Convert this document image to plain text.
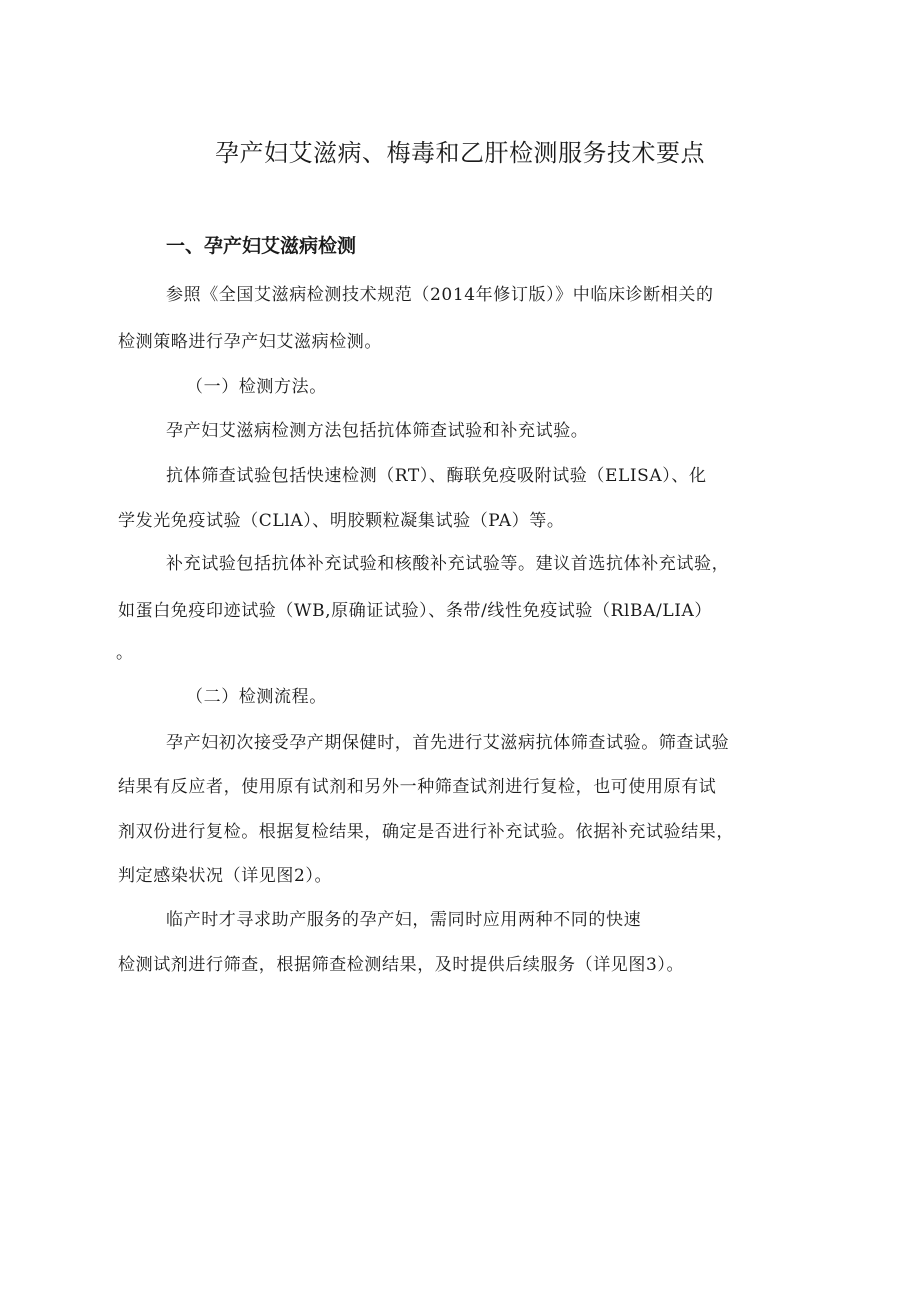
孕产妇艾滋病、梅毒和乙肝检测服务技术要点
一、孕产妇艾滋病检测

参照《全国艾滋病检测技术规范（2014年修订版）》中临床诊断相关的

检测策略进行孕产妇艾滋病检测。

（一）检测方法。

孕产妇艾滋病检测方法包括抗体筛查试验和补充试验。

抗体筛查试验包括快速检测（RT）、酶联免疫吸附试验（ELISA）、化

学发光免疫试验（CLlA）、明胶颗粒凝集试验（PA）等。

补充试验包括抗体补充试验和核酸补充试验等。建议首选抗体补充试验，

如蛋白免疫印迹试验（WB,原确证试验）、条带/线性免疫试验（RlBA/LIA）

。

（二）检测流程。

孕产妇初次接受孕产期保健时，首先进行艾滋病抗体筛查试验。筛查试验

结果有反应者，使用原有试剂和另外一种筛查试剂进行复检，也可使用原有试

剂双份进行复检。根据复检结果，确定是否进行补充试验。依据补充试验结果，

判定感染状况（详见图2）。

临产时才寻求助产服务的孕产妇，需同时应用两种不同的快速

检测试剂进行筛查，根据筛查检测结果，及时提供后续服务（详见图3）。
